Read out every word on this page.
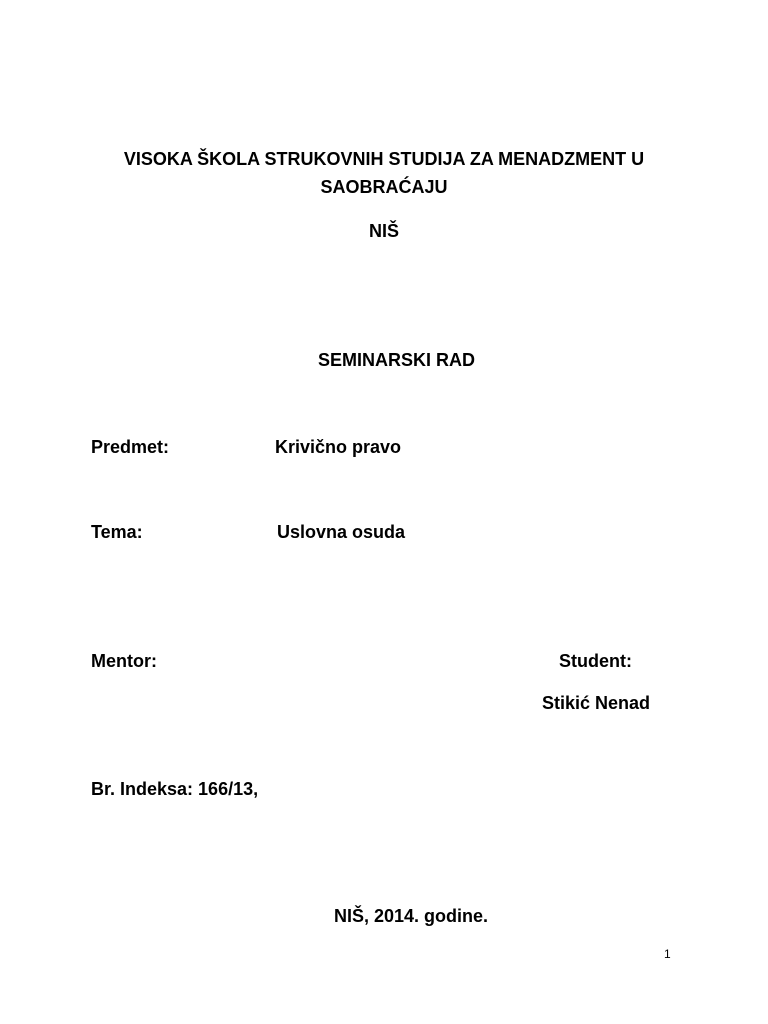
VISOKA ŠKOLA STRUKOVNIH STUDIJA ZA MENADZMENT U
SAOBRAĆAJU
NIŠ
SEMINARSKI RAD
Predmet:	Krivično pravo
Tema:	Uslovna osuda
Mentor:	Student:
Stikić Nenad
Br. Indeksa: 166/13,
NIŠ, 2014. godine.
1
